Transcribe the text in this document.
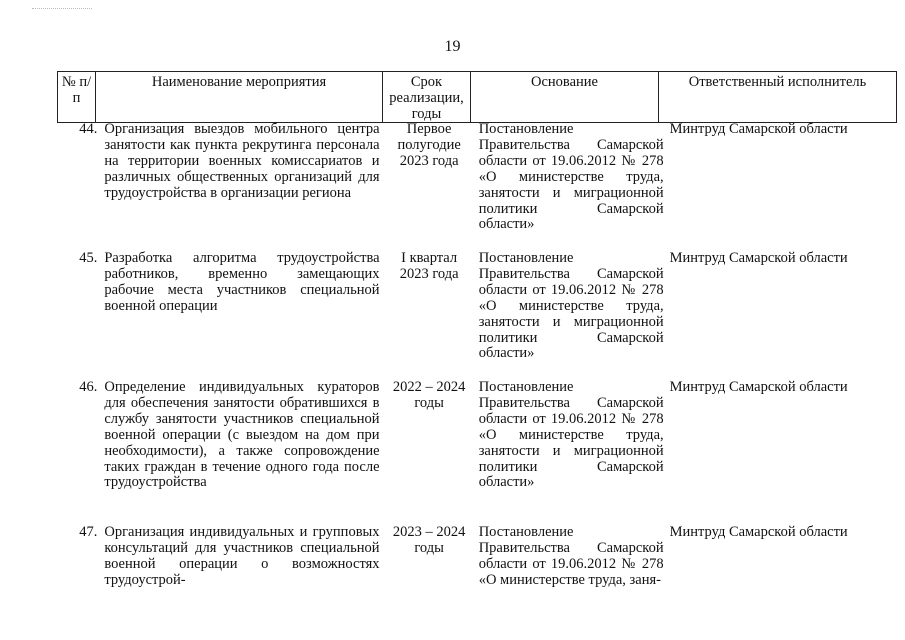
19
№ п/п	Наименование мероприятия	Срок реализации, годы	Основание	Ответственный исполнитель
44.	Организация выездов мобильного центра занятости как пункта рекрутинга персонала на территории военных комиссариатов и различных общественных организаций для трудоустройства в организации региона	Первое полугодие 2023 года	Постановление Правительства Самарской области от 19.06.2012 № 278 «О министерстве труда, занятости и миграционной политики Самарской области»	Минтруд Самарской области
45.	Разработка алгоритма трудоустройства работников, временно замещающих рабочие места участников специальной военной операции	I квартал 2023 года	Постановление Правительства Самарской области от 19.06.2012 № 278 «О министерстве труда, занятости и миграционной политики Самарской области»	Минтруд Самарской области
46.	Определение индивидуальных кураторов для обеспечения занятости обратившихся в службу занятости участников специальной военной операции (с выездом на дом при необходимости), а также сопровождение таких граждан в течение одного года после трудоустройства	2022 – 2024 годы	Постановление Правительства Самарской области от 19.06.2012 № 278 «О министерстве труда, занятости и миграционной политики Самарской области»	Минтруд Самарской области
47.	Организация индивидуальных и групповых консультаций для участников специальной военной операции о возможностях трудоустрой-	2023 – 2024 годы	Постановление Правительства Самарской области от 19.06.2012 № 278 «О министерстве труда, заня-	Минтруд Самарской области
